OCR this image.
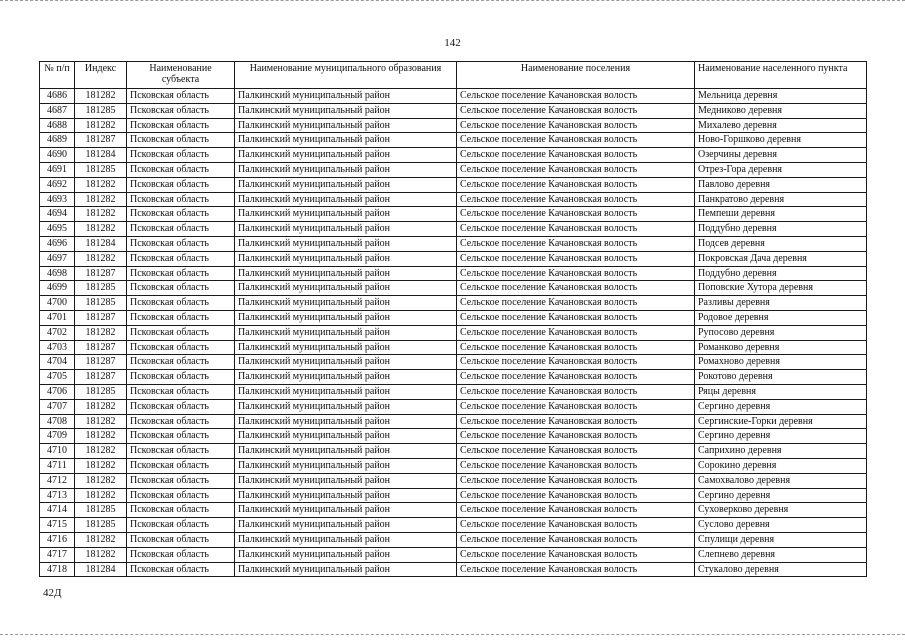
142
№ п/п	Индекс	Наименование субъекта	Наименование муниципального образования	Наименование поселения	Наименование населенного пункта
4686	181282	Псковская область	Палкинский муниципальный район	Сельское поселение Качановская волость	Мельница деревня
4687	181285	Псковская область	Палкинский муниципальный район	Сельское поселение Качановская волость	Медниково деревня
4688	181282	Псковская область	Палкинский муниципальный район	Сельское поселение Качановская волость	Михалево деревня
4689	181287	Псковская область	Палкинский муниципальный район	Сельское поселение Качановская волость	Ново-Горшково деревня
4690	181284	Псковская область	Палкинский муниципальный район	Сельское поселение Качановская волость	Озерчины деревня
4691	181285	Псковская область	Палкинский муниципальный район	Сельское поселение Качановская волость	Отрез-Гора деревня
4692	181282	Псковская область	Палкинский муниципальный район	Сельское поселение Качановская волость	Павлово деревня
4693	181282	Псковская область	Палкинский муниципальный район	Сельское поселение Качановская волость	Панкратово деревня
4694	181282	Псковская область	Палкинский муниципальный район	Сельское поселение Качановская волость	Пемпеши деревня
4695	181282	Псковская область	Палкинский муниципальный район	Сельское поселение Качановская волость	Поддубно деревня
4696	181284	Псковская область	Палкинский муниципальный район	Сельское поселение Качановская волость	Подсев деревня
4697	181282	Псковская область	Палкинский муниципальный район	Сельское поселение Качановская волость	Покровская Дача деревня
4698	181287	Псковская область	Палкинский муниципальный район	Сельское поселение Качановская волость	Поддубно деревня
4699	181285	Псковская область	Палкинский муниципальный район	Сельское поселение Качановская волость	Поповские Хутора деревня
4700	181285	Псковская область	Палкинский муниципальный район	Сельское поселение Качановская волость	Разливы деревня
4701	181287	Псковская область	Палкинский муниципальный район	Сельское поселение Качановская волость	Родовое деревня
4702	181282	Псковская область	Палкинский муниципальный район	Сельское поселение Качановская волость	Рупосово деревня
4703	181287	Псковская область	Палкинский муниципальный район	Сельское поселение Качановская волость	Романково деревня
4704	181287	Псковская область	Палкинский муниципальный район	Сельское поселение Качановская волость	Ромахново деревня
4705	181287	Псковская область	Палкинский муниципальный район	Сельское поселение Качановская волость	Рокотово деревня
4706	181285	Псковская область	Палкинский муниципальный район	Сельское поселение Качановская волость	Ряцы деревня
4707	181282	Псковская область	Палкинский муниципальный район	Сельское поселение Качановская волость	Сергино деревня
4708	181282	Псковская область	Палкинский муниципальный район	Сельское поселение Качановская волость	Сергинские-Горки деревня
4709	181282	Псковская область	Палкинский муниципальный район	Сельское поселение Качановская волость	Сергино деревня
4710	181282	Псковская область	Палкинский муниципальный район	Сельское поселение Качановская волость	Саприхино деревня
4711	181282	Псковская область	Палкинский муниципальный район	Сельское поселение Качановская волость	Сорокино деревня
4712	181282	Псковская область	Палкинский муниципальный район	Сельское поселение Качановская волость	Самохвалово деревня
4713	181282	Псковская область	Палкинский муниципальный район	Сельское поселение Качановская волость	Сергино деревня
4714	181285	Псковская область	Палкинский муниципальный район	Сельское поселение Качановская волость	Суховерково деревня
4715	181285	Псковская область	Палкинский муниципальный район	Сельское поселение Качановская волость	Суслово деревня
4716	181282	Псковская область	Палкинский муниципальный район	Сельское поселение Качановская волость	Спулищи деревня
4717	181282	Псковская область	Палкинский муниципальный район	Сельское поселение Качановская волость	Слепнево деревня
4718	181284	Псковская область	Палкинский муниципальный район	Сельское поселение Качановская волость	Стукалово деревня
42Д
